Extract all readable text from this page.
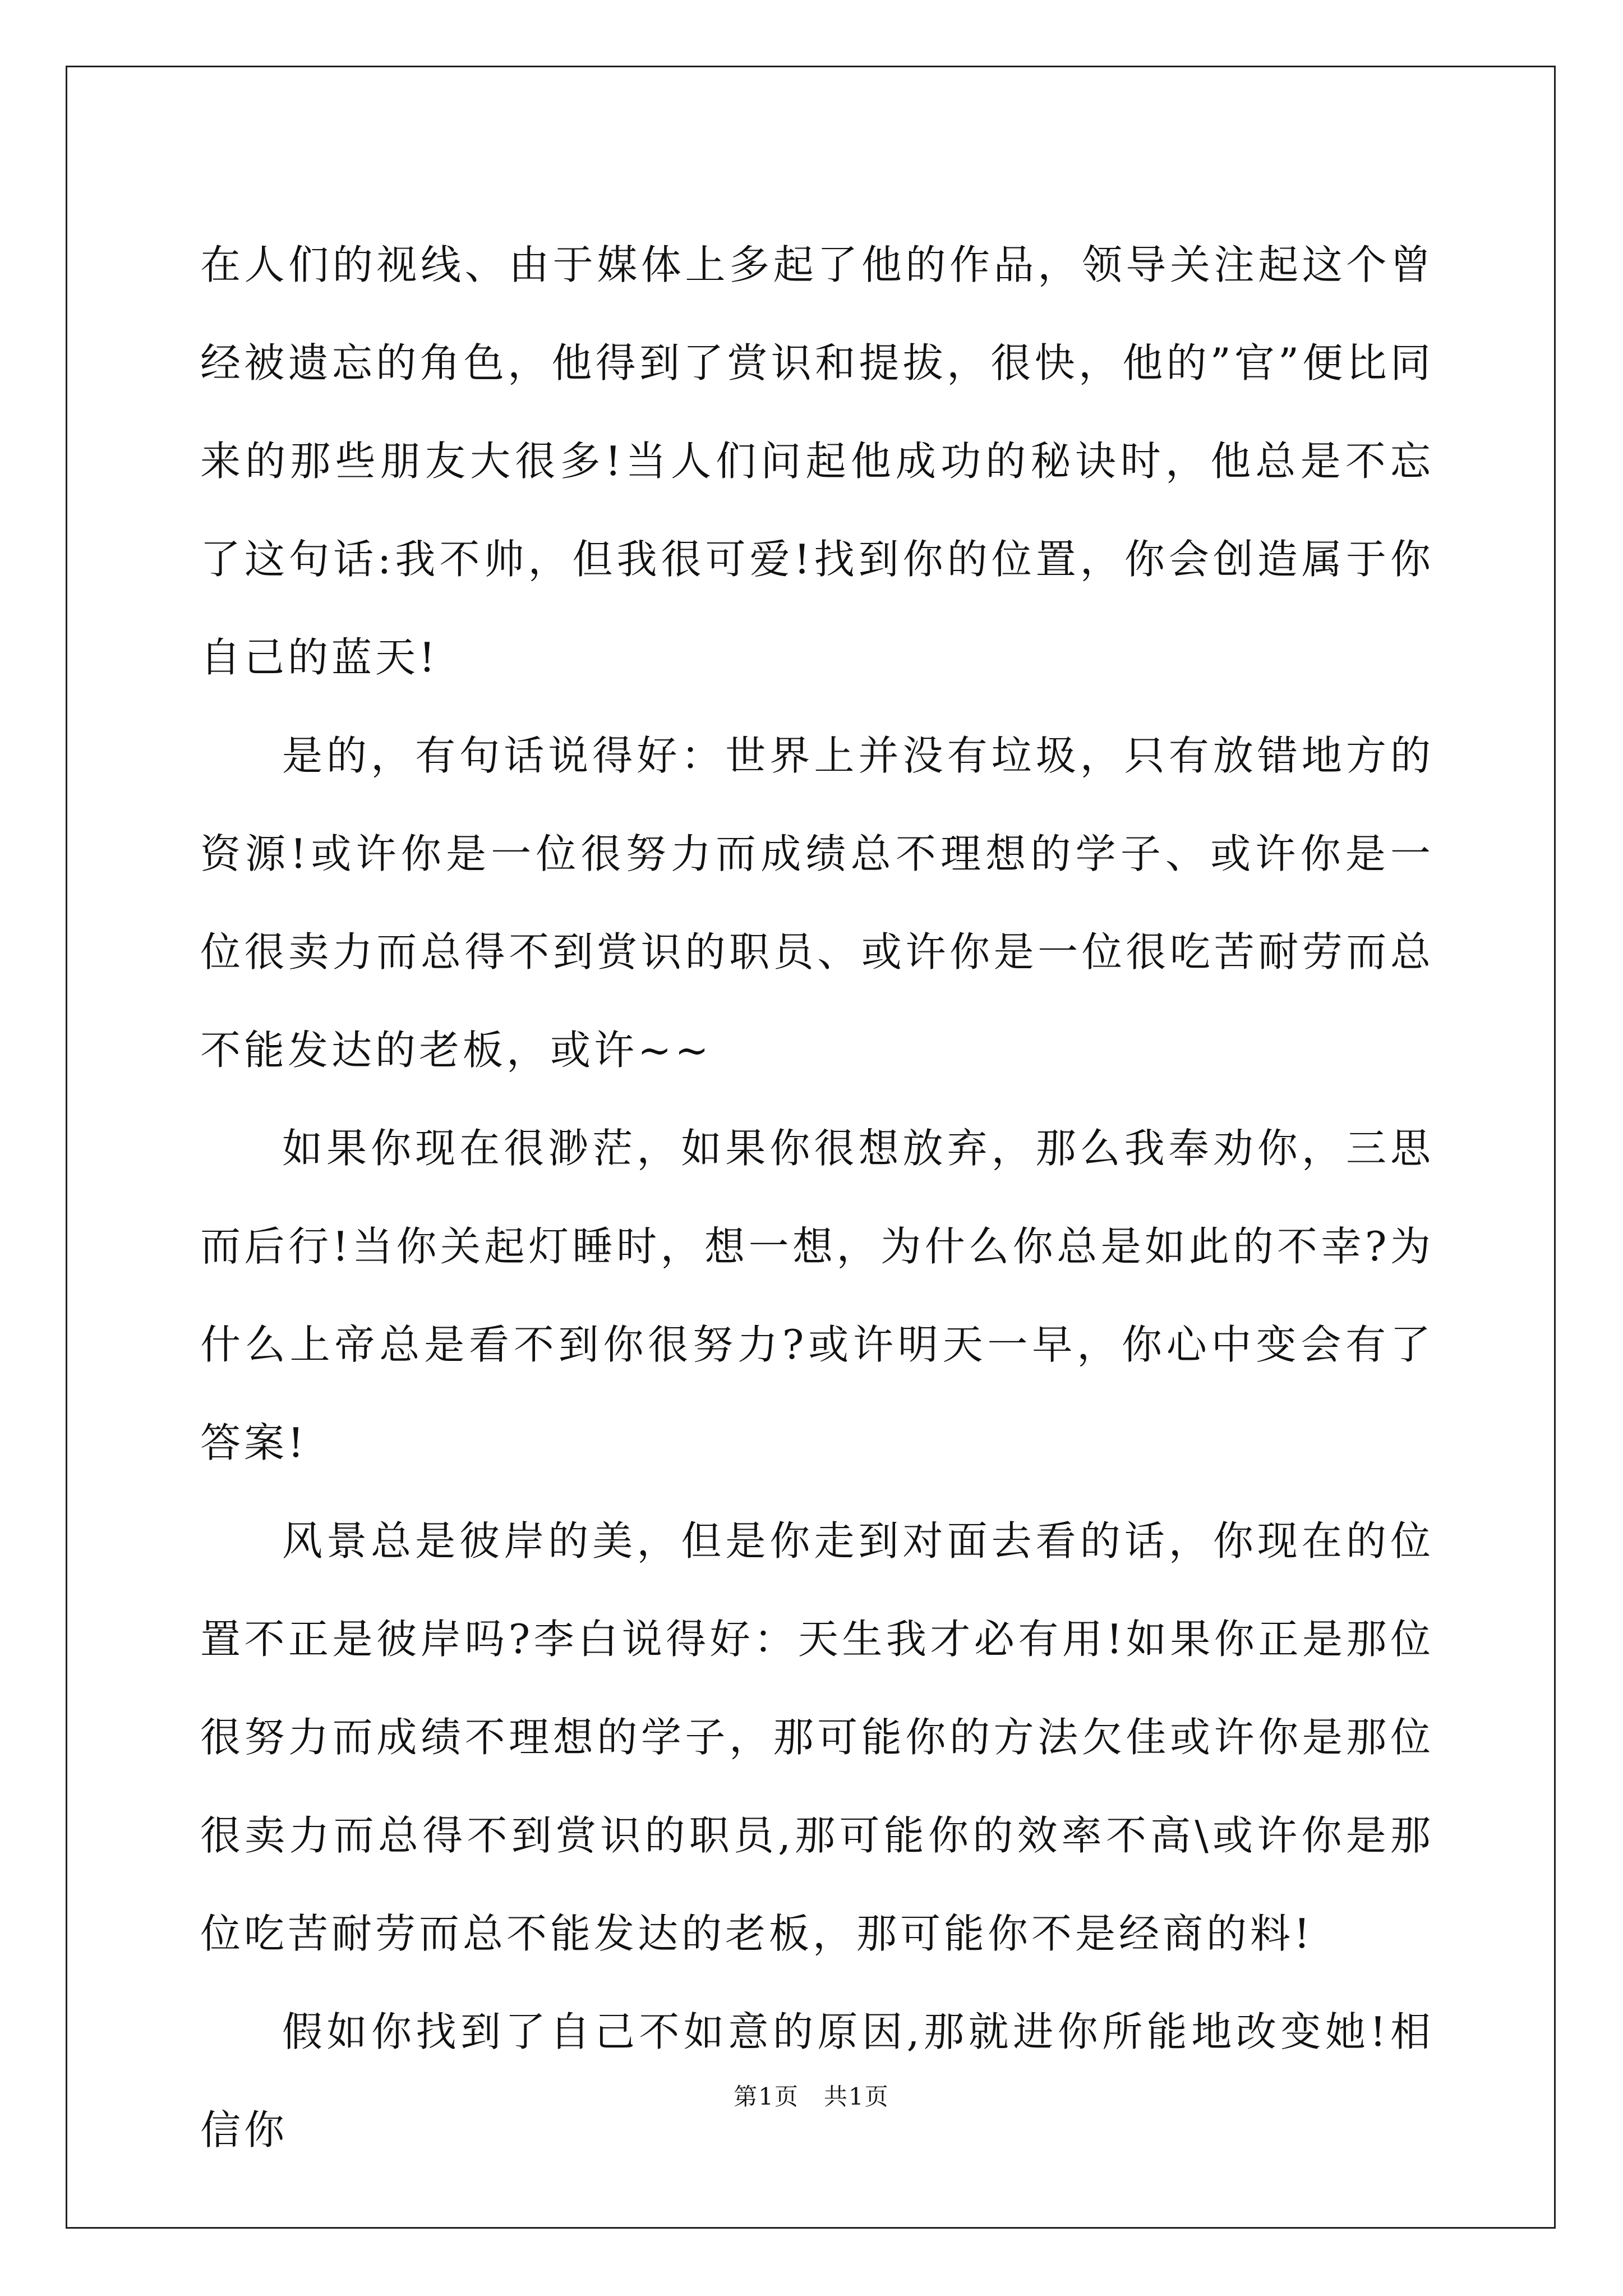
在人们的视线、由于媒体上多起了他的作品，领导关注起这个曾经被遗忘的角色，他得到了赏识和提拔，很快，他的”官”便比同来的那些朋友大很多!当人们问起他成功的秘诀时，他总是不忘了这句话:我不帅，但我很可爱!找到你的位置，你会创造属于你自己的蓝天!

是的，有句话说得好：世界上并没有垃圾，只有放错地方的资源!或许你是一位很努力而成绩总不理想的学子、或许你是一位很卖力而总得不到赏识的职员、或许你是一位很吃苦耐劳而总不能发达的老板，或许~~

如果你现在很渺茫，如果你很想放弃，那么我奉劝你，三思而后行!当你关起灯睡时，想一想，为什么你总是如此的不幸?为什么上帝总是看不到你很努力?或许明天一早，你心中变会有了答案!

风景总是彼岸的美，但是你走到对面去看的话，你现在的位置不正是彼岸吗?李白说得好：天生我才必有用!如果你正是那位很努力而成绩不理想的学子，那可能你的方法欠佳或许你是那位很卖力而总得不到赏识的职员,那可能你的效率不高\或许你是那位吃苦耐劳而总不能发达的老板，那可能你不是经商的料!

假如你找到了自己不如意的原因,那就进你所能地改变她!相信你

第1页　共1页
